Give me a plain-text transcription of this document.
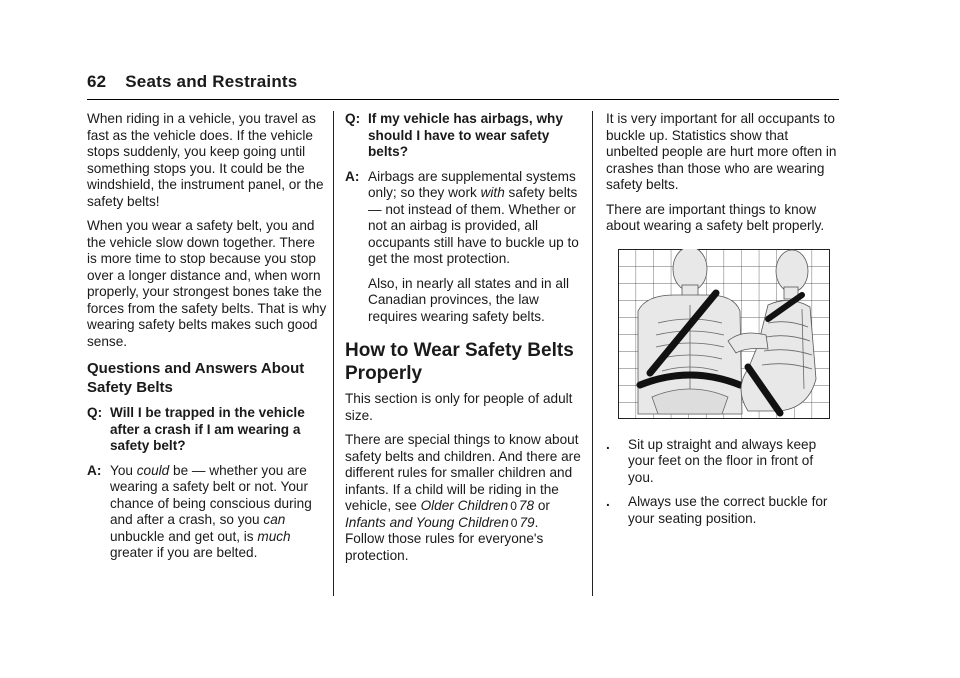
62 Seats and Restraints

When riding in a vehicle, you travel as fast as the vehicle does. If the vehicle stops suddenly, you keep going until something stops you. It could be the windshield, the instrument panel, or the safety belts!

When you wear a safety belt, you and the vehicle slow down together. There is more time to stop because you stop over a longer distance and, when worn properly, your strongest bones take the forces from the safety belts. That is why wearing safety belts makes such good sense.

Questions and Answers About Safety Belts
Q: Will I be trapped in the vehicle after a crash if I am wearing a safety belt?
A: You could be — whether you are wearing a safety belt or not. Your chance of being conscious during and after a crash, so you can unbuckle and get out, is much greater if you are belted.
Q: If my vehicle has airbags, why should I have to wear safety belts?
A: Airbags are supplemental systems only; so they work with safety belts — not instead of them. Whether or not an airbag is provided, all occupants still have to buckle up to get the most protection.

Also, in nearly all states and in all Canadian provinces, the law requires wearing safety belts.

How to Wear Safety Belts Properly

This section is only for people of adult size.

There are special things to know about safety belts and children. And there are different rules for smaller children and infants. If a child will be riding in the vehicle, see Older Children 0 78 or Infants and Young Children 0 79. Follow those rules for everyone's protection.

It is very important for all occupants to buckle up. Statistics show that unbelted people are hurt more often in crashes than those who are wearing safety belts.

There are important things to know about wearing a safety belt properly.

.	Sit up straight and always keep your feet on the floor in front of you.
.	Always use the correct buckle for your seating position.
